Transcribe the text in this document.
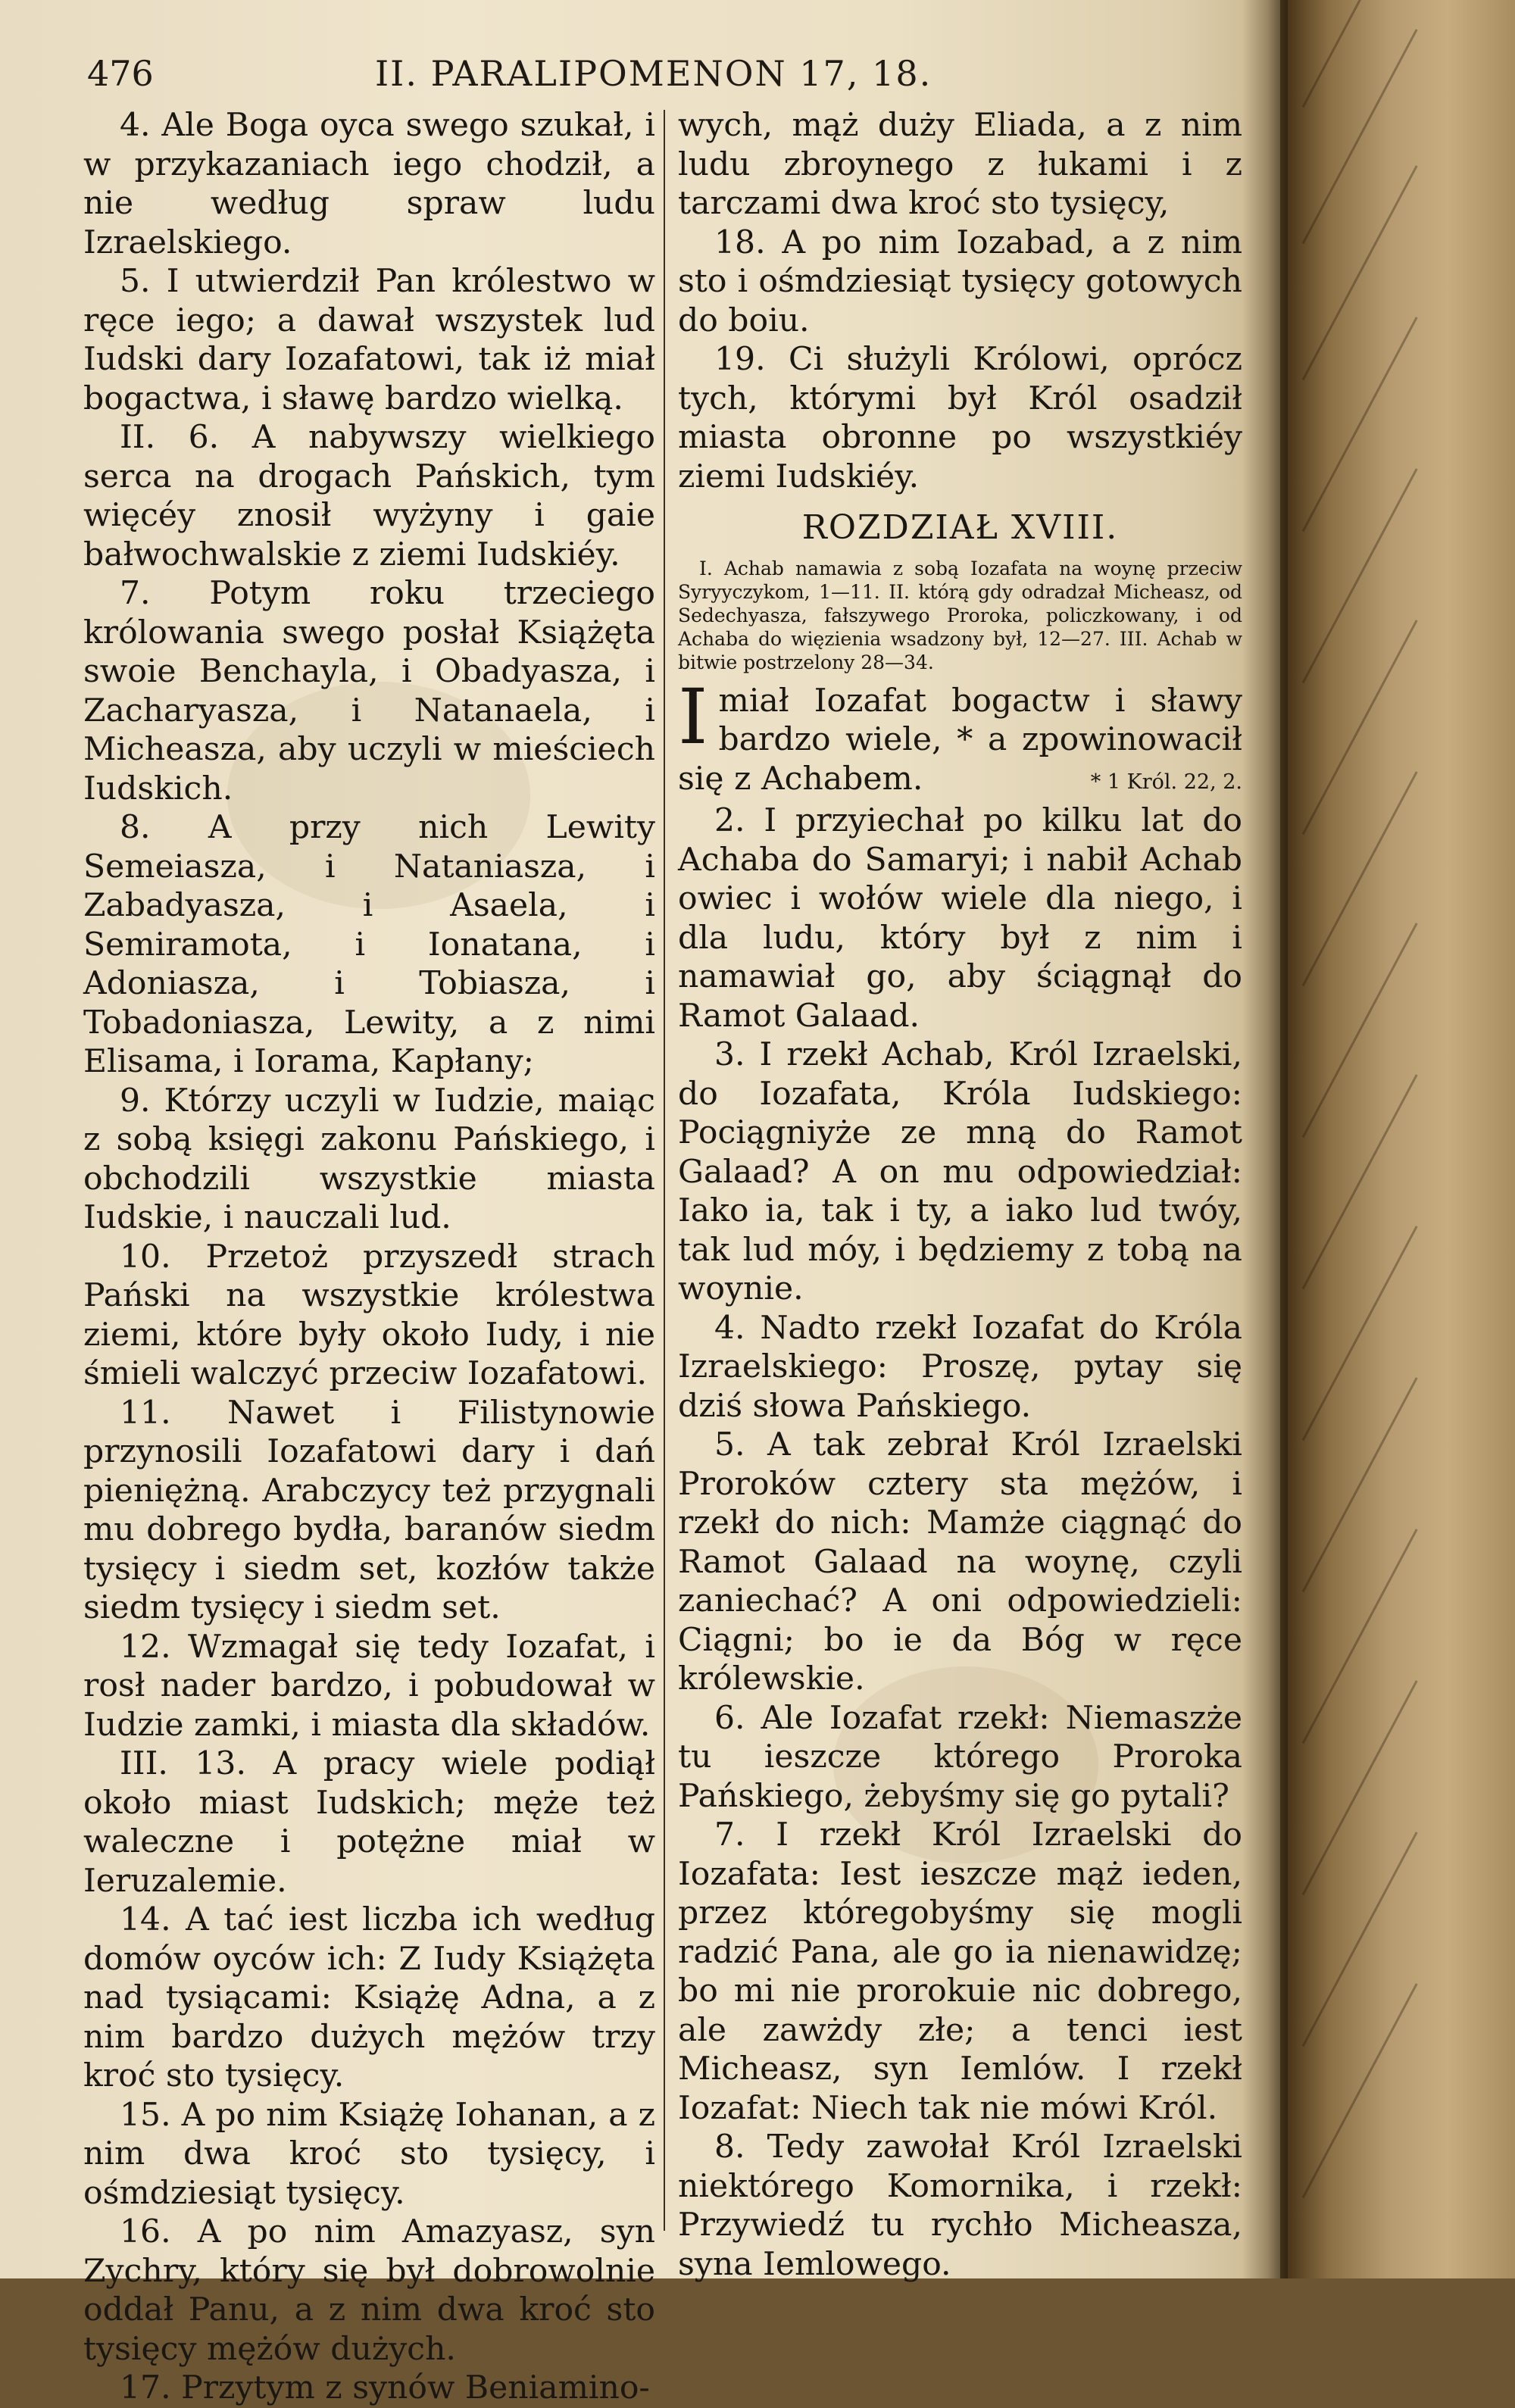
476	II. PARALIPOMENON 17, 18.

4. Ale Boga oyca swego szukał, i w przykazaniach iego chodził, a nie według spraw ludu Izraelskiego.

5. I utwierdził Pan królestwo w ręce iego; a dawał wszystek lud Iudski dary Iozafatowi, tak iż miał bogactwa, i sławę bardzo wielką.

II. 6. A nabywszy wielkiego serca na drogach Pańskich, tym więcéy znosił wyżyny i gaie bałwochwalskie z ziemi Iudskiéy.

7. Potym roku trzeciego królowania swego posłał Książęta swoie Benchayla, i Obadyasza, i Zacharyasza, i Natanaela, i Micheasza, aby uczyli w mieściech Iudskich.

8. A przy nich Lewity Semeiasza, i Nataniasza, i Zabadyasza, i Asaela, i Semiramota, i Ionatana, i Adoniasza, i Tobiasza, i Tobadoniasza, Lewity, a z nimi Elisama, i Iorama, Kapłany;

9. Którzy uczyli w Iudzie, maiąc z sobą księgi zakonu Pańskiego, i obchodzili wszystkie miasta Iudskie, i nauczali lud.

10. Przetoż przyszedł strach Pański na wszystkie królestwa ziemi, które były około Iudy, i nie śmieli walczyć przeciw Iozafatowi.

11. Nawet i Filistynowie przynosili Iozafatowi dary i dań pieniężną. Arabczycy też przygnali mu dobrego bydła, baranów siedm tysięcy i siedm set, kozłów także siedm tysięcy i siedm set.

12. Wzmagał się tedy Iozafat, i rosł nader bardzo, i pobudował w Iudzie zamki, i miasta dla składów.

III. 13. A pracy wiele podiął około miast Iudskich; męże też waleczne i potężne miał w Ieruzalemie.

14. A tać iest liczba ich według domów oyców ich: Z Iudy Książęta nad tysiącami: Książę Adna, a z nim bardzo dużych mężów trzy kroć sto tysięcy.

15. A po nim Książę Iohanan, a z nim dwa kroć sto tysięcy, i ośmdziesiąt tysięcy.

16. A po nim Amazyasz, syn Zychry, który się był dobrowolnie oddał Panu, a z nim dwa kroć sto tysięcy mężów dużych.

17. Przytym z synów Beniamino-

wych, mąż duży Eliada, a z nim ludu zbroynego z łukami i z tarczami dwa kroć sto tysięcy,

18. A po nim Iozabad, a z nim sto i ośmdziesiąt tysięcy gotowych do boiu.

19. Ci służyli Królowi, oprócz tych, którymi był Król osadził miasta obronne po wszystkiéy ziemi Iudskiéy.

ROZDZIAŁ XVIII.

I. Achab namawia z sobą Iozafata na woynę przeciw Syryyczykom, 1—11. II. którą gdy odradzał Micheasz, od Sedechyasza, fałszywego Proroka, policzkowany, i od Achaba do więzienia wsadzony był, 12—27. III. Achab w bitwie postrzelony 28—34.

I miał Iozafat bogactw i sławy bardzo wiele, * a zpowinowacił się z Achabem.	* 1 Król. 22, 2.

2. I przyiechał po kilku lat do Achaba do Samaryi; i nabił Achab owiec i wołów wiele dla niego, i dla ludu, który był z nim i namawiał go, aby ściągnął do Ramot Galaad.

3. I rzekł Achab, Król Izraelski, do Iozafata, Króla Iudskiego: Pociągniyże ze mną do Ramot Galaad? A on mu odpowiedział: Iako ia, tak i ty, a iako lud twóy, tak lud móy, i będziemy z tobą na woynie.

4. Nadto rzekł Iozafat do Króla Izraelskiego: Proszę, pytay się dziś słowa Pańskiego.

5. A tak zebrał Król Izraelski Proroków cztery sta mężów, i rzekł do nich: Mamże ciągnąć do Ramot Galaad na woynę, czyli zaniechać? A oni odpowiedzieli: Ciągni; bo ie da Bóg w ręce królewskie.

6. Ale Iozafat rzekł: Niemaszże tu ieszcze którego Proroka Pańskiego, żebyśmy się go pytali?

7. I rzekł Król Izraelski do Iozafata: Iest ieszcze mąż ieden, przez któregobyśmy się mogli radzić Pana, ale go ia nienawidzę; bo mi nie prorokuie nic dobrego, ale zawżdy złe; a tenci iest Micheasz, syn Iemlów. I rzekł Iozafat: Niech tak nie mówi Król.

8. Tedy zawołał Król Izraelski niektórego Komornika, i rzekł: Przywiedź tu rychło Micheasza, syna Iemlowego.
